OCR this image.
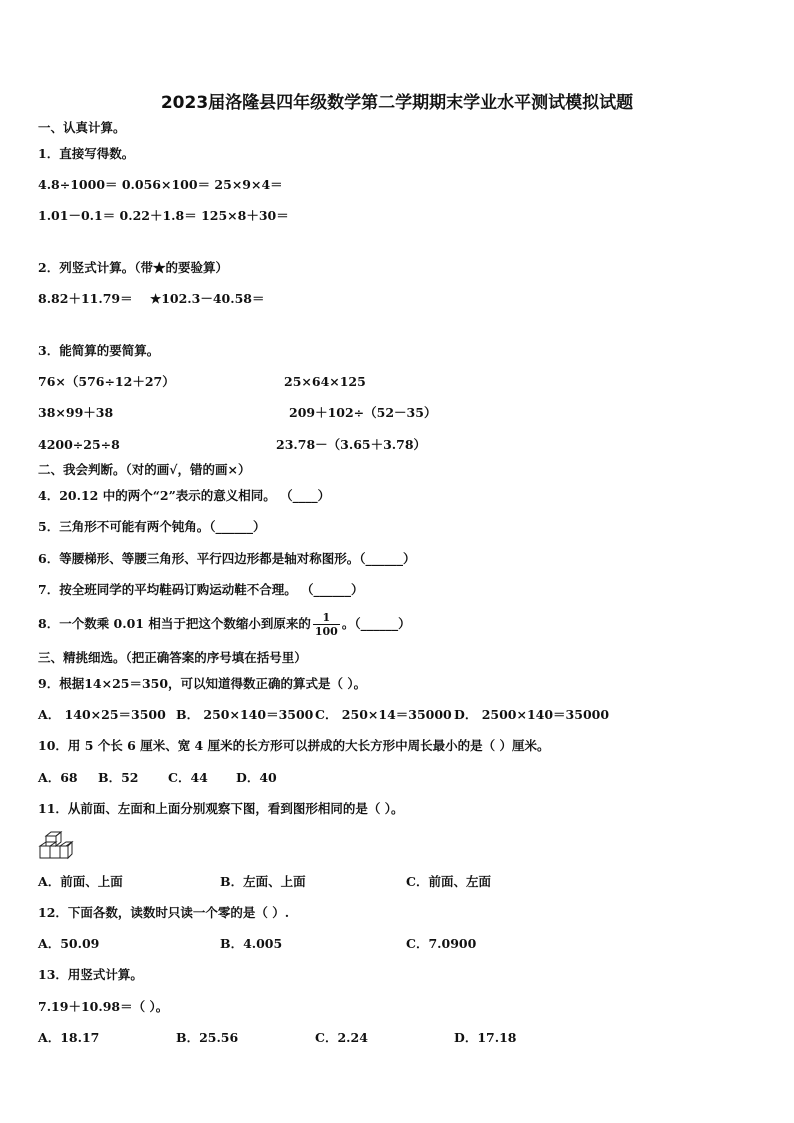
2023届洛隆县四年级数学第二学期期末学业水平测试模拟试题
一、认真计算。
1．直接写得数。
4.8÷1000＝ 0.056×100＝ 25×9×4＝
1.01－0.1＝ 0.22＋1.8＝ 125×8＋30＝
2．列竖式计算。（带★的要验算）
8.82＋11.79＝ ★102.3－40.58＝
3．能简算的要简算。
76×（576÷12＋27）	25×64×125
38×99＋38	209＋102÷（52－35）
4200÷25÷8	23.78－（3.65＋3.78）
二、我会判断。（对的画√，错的画×）
4．20.12 中的两个“2”表示的意义相同。 （____）
5．三角形不可能有两个钝角。（______）
6．等腰梯形、等腰三角形、平行四边形都是轴对称图形。（______）
7．按全班同学的平均鞋码订购运动鞋不合理。 （______）
8．一个数乘 0.01 相当于把这个数缩小到原来的 $\frac{1}{100}$ 。（______）
三、精挑细选。（把正确答案的序号填在括号里）
9．根据14×25＝350，可以知道得数正确的算式是（ ）。
A． 140×25＝3500 B． 250×140＝3500 C． 250×14＝35000 D． 2500×140＝35000
10．用 5 个长 6 厘米、宽 4 厘米的长方形可以拼成的大长方形中周长最小的是（ ）厘米。
A．68 B．52 C．44 D．40
11．从前面、左面和上面分别观察下图，看到图形相同的是（ ）。
A．前面、上面	B．左面、上面	C．前面、左面
12．下面各数，读数时只读一个零的是（ ）.
A．50.09	B．4.005	C．7.0900
13．用竖式计算。
7.19＋10.98＝（ ）。
A．18.17	B．25.56	C．2.24	D．17.18
